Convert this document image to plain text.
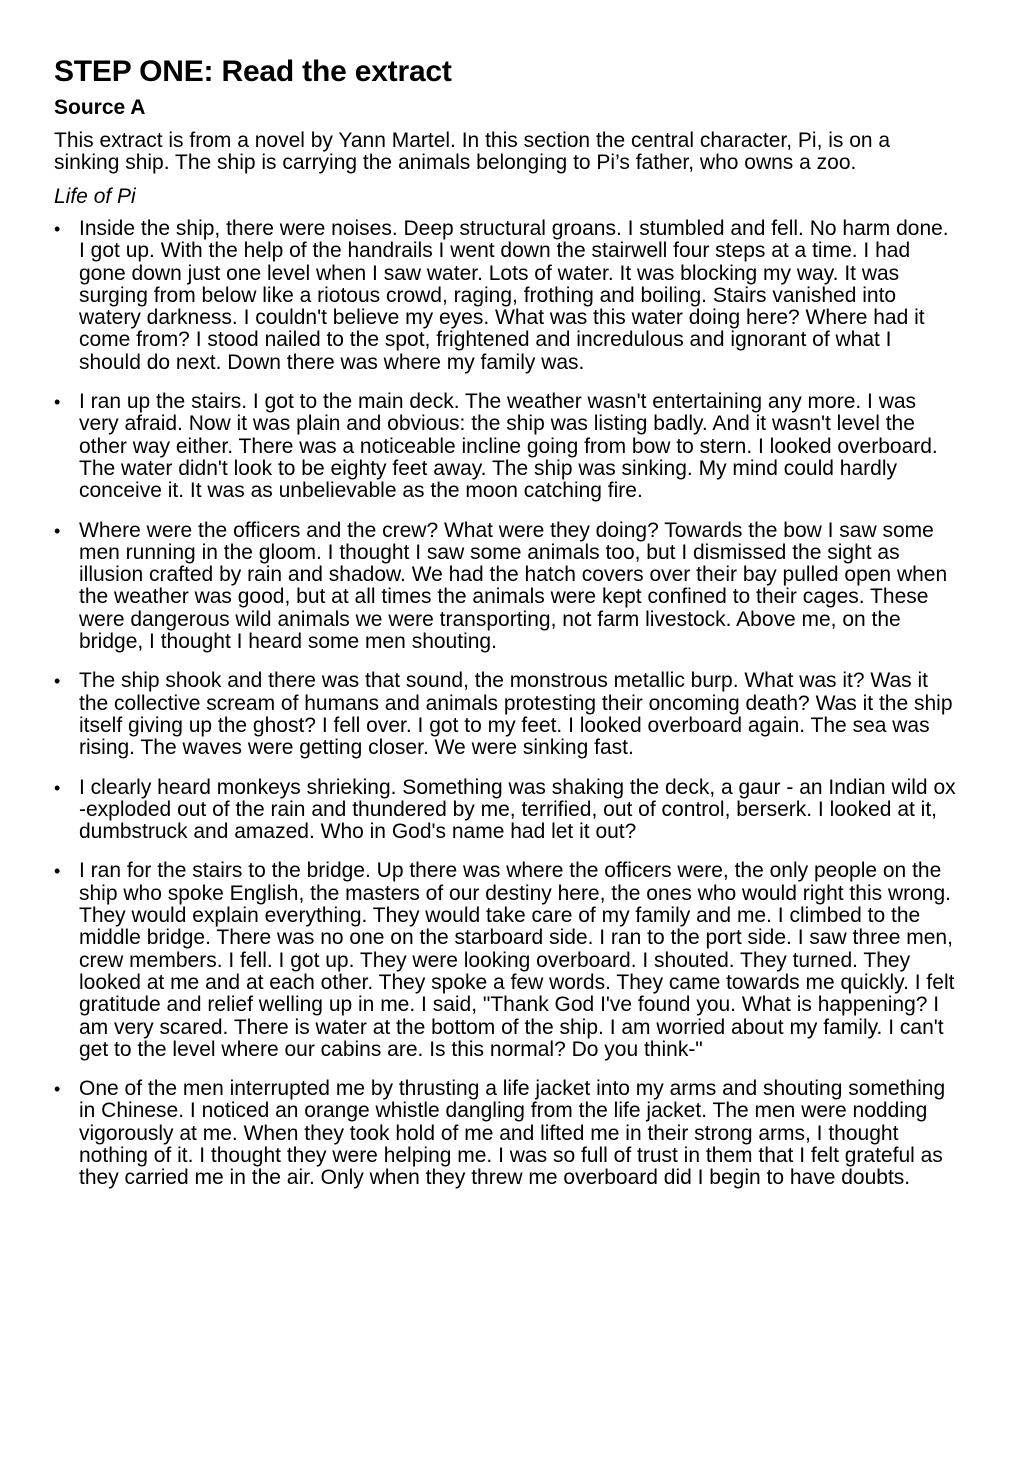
STEP ONE: Read the extract
Source A

This extract is from a novel by Yann Martel. In this section the central character, Pi, is on a sinking ship. The ship is carrying the animals belonging to Pi’s father, who owns a zoo.

Life of Pi
• Inside the ship, there were noises. Deep structural groans. I stumbled and fell. No harm done. I got up. With the help of the handrails I went down the stairwell four steps at a time. I had gone down just one level when I saw water. Lots of water. It was blocking my way. It was surging from below like a riotous crowd, raging, frothing and boiling. Stairs vanished into watery darkness. I couldn't believe my eyes. What was this water doing here? Where had it come from? I stood nailed to the spot, frightened and incredulous and ignorant of what I should do next. Down there was where my family was.
• I ran up the stairs. I got to the main deck. The weather wasn't entertaining any more. I was very afraid. Now it was plain and obvious: the ship was listing badly. And it wasn't level the other way either. There was a noticeable incline going from bow to stern. I looked overboard. The water didn't look to be eighty feet away. The ship was sinking. My mind could hardly conceive it. It was as unbelievable as the moon catching fire.
• Where were the officers and the crew? What were they doing? Towards the bow I saw some men running in the gloom. I thought I saw some animals too, but I dismissed the sight as illusion crafted by rain and shadow. We had the hatch covers over their bay pulled open when the weather was good, but at all times the animals were kept confined to their cages. These were dangerous wild animals we were transporting, not farm livestock. Above me, on the bridge, I thought I heard some men shouting.
• The ship shook and there was that sound, the monstrous metallic burp. What was it? Was it the collective scream of humans and animals protesting their oncoming death? Was it the ship itself giving up the ghost? I fell over. I got to my feet. I looked overboard again. The sea was rising. The waves were getting closer. We were sinking fast.
• I clearly heard monkeys shrieking. Something was shaking the deck, a gaur - an Indian wild ox -exploded out of the rain and thundered by me, terrified, out of control, berserk. I looked at it, dumbstruck and amazed. Who in God's name had let it out?
• I ran for the stairs to the bridge. Up there was where the officers were, the only people on the ship who spoke English, the masters of our destiny here, the ones who would right this wrong. They would explain everything. They would take care of my family and me. I climbed to the middle bridge. There was no one on the starboard side. I ran to the port side. I saw three men, crew members. I fell. I got up. They were looking overboard. I shouted. They turned. They looked at me and at each other. They spoke a few words. They came towards me quickly. I felt gratitude and relief welling up in me. I said, "Thank God I've found you. What is happening? I am very scared. There is water at the bottom of the ship. I am worried about my family. I can't get to the level where our cabins are. Is this normal? Do you think-"
• One of the men interrupted me by thrusting a life jacket into my arms and shouting something in Chinese. I noticed an orange whistle dangling from the life jacket. The men were nodding vigorously at me. When they took hold of me and lifted me in their strong arms, I thought nothing of it. I thought they were helping me. I was so full of trust in them that I felt grateful as they carried me in the air. Only when they threw me overboard did I begin to have doubts.
